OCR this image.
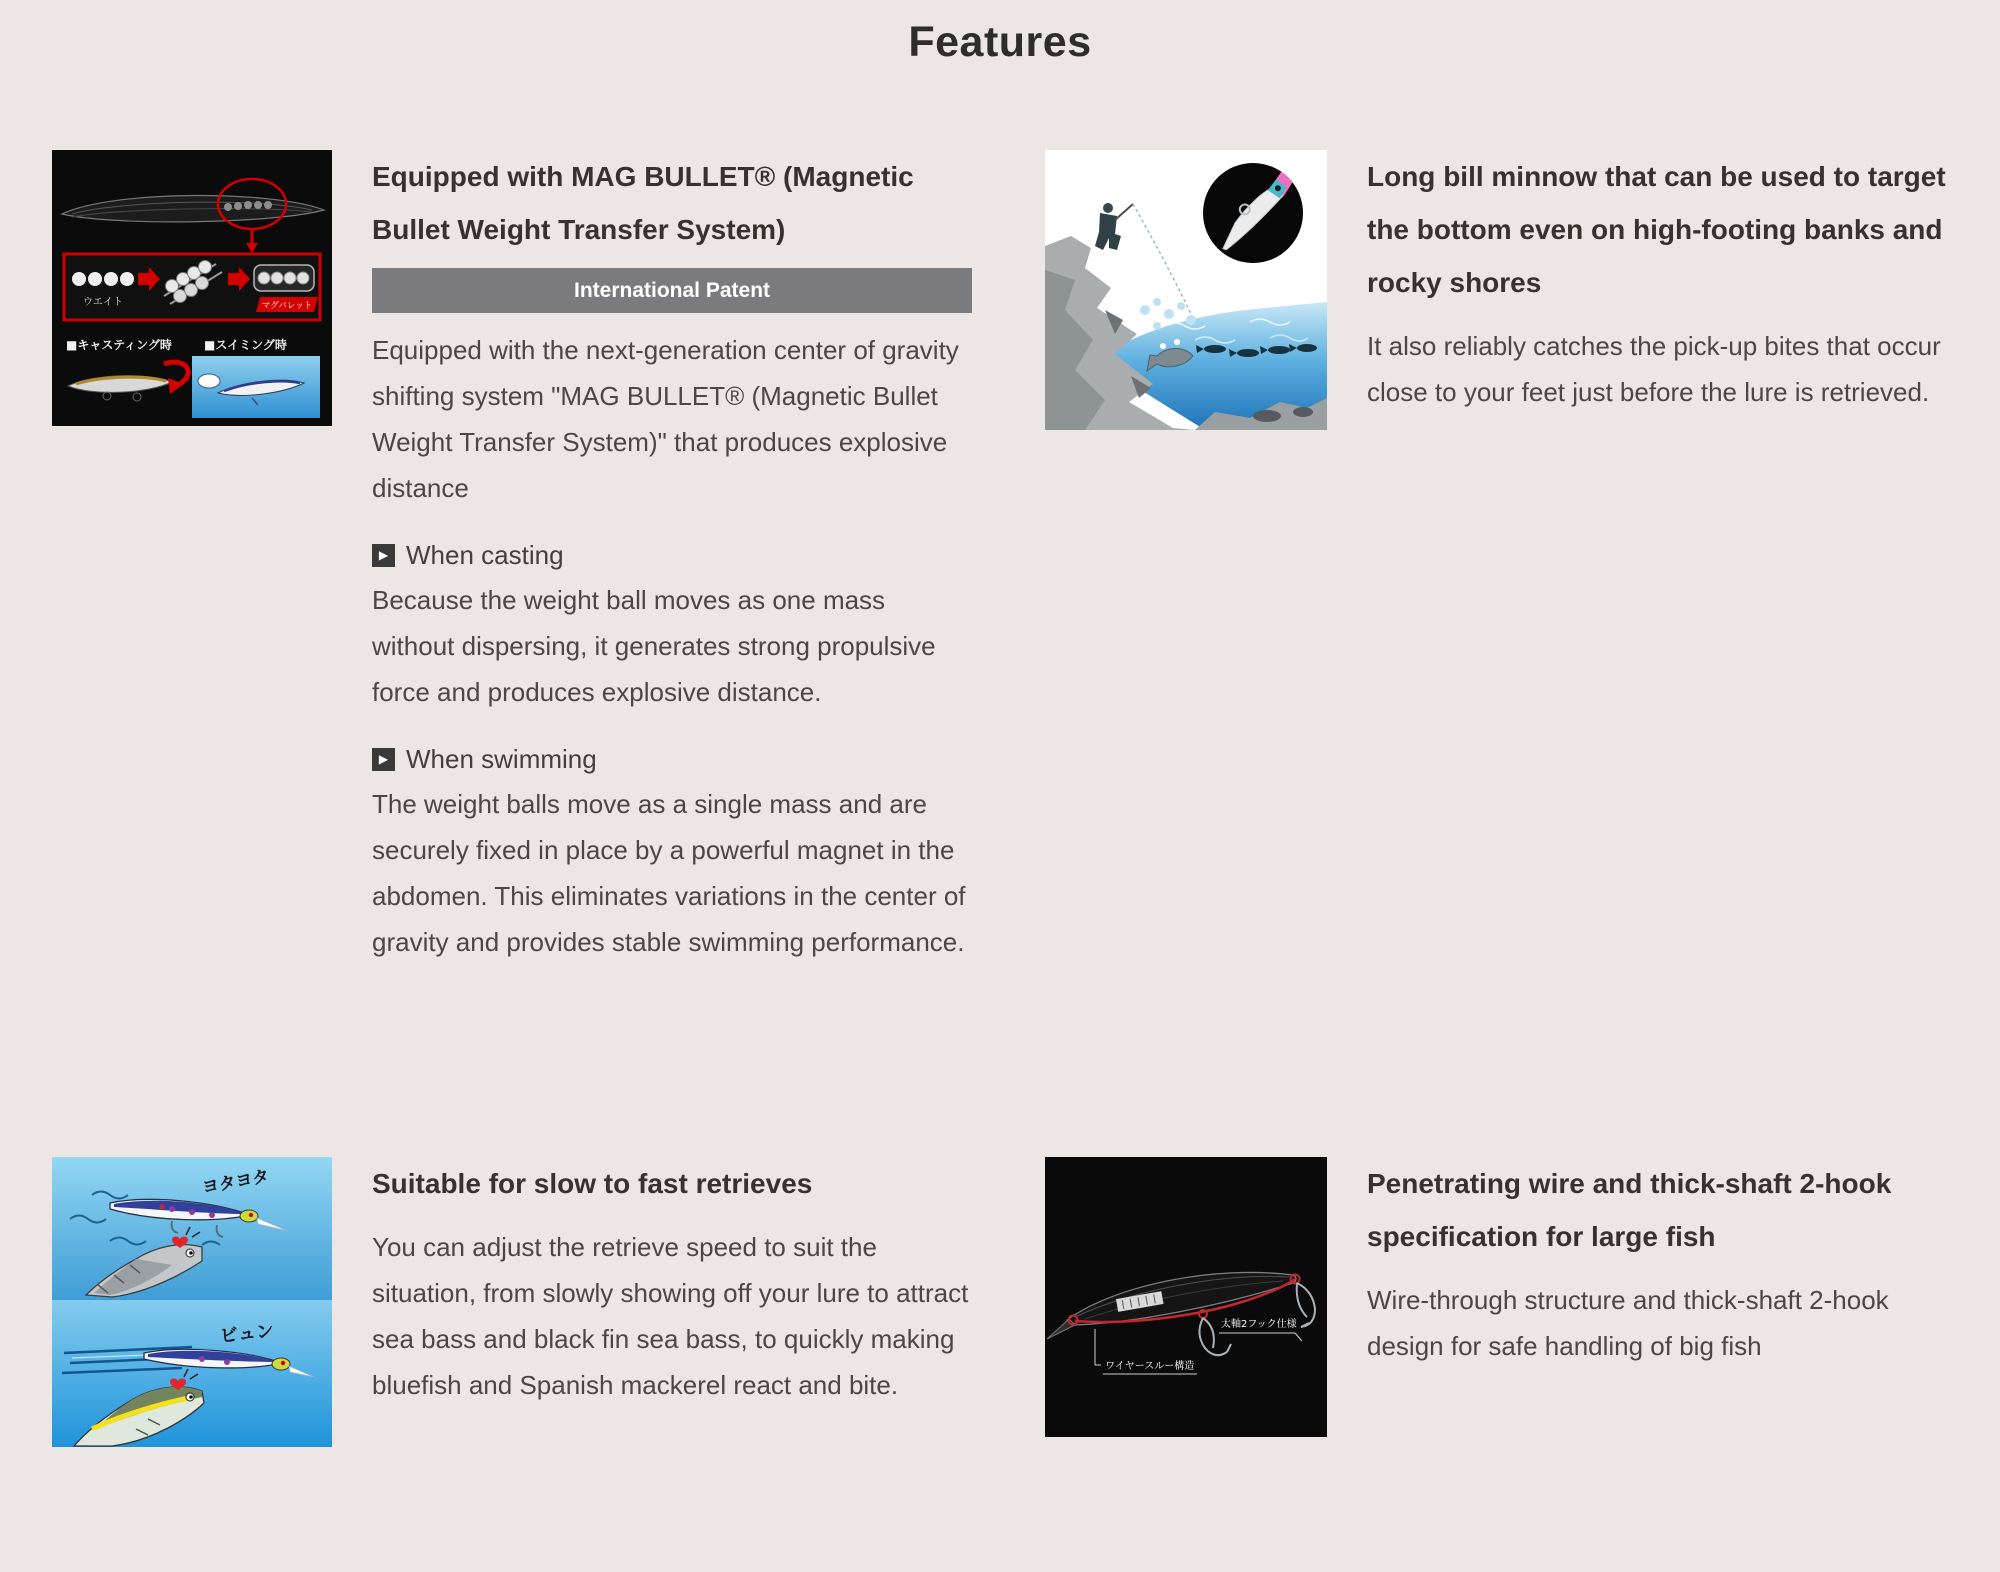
Features
ウエイト	マグバレット
■キャスティング時	■スイミング時
Equipped with MAG BULLET® (Magnetic Bullet Weight Transfer System)
International Patent

Equipped with the next-generation center of gravity shifting system "MAG BULLET® (Magnetic Bullet Weight Transfer System)" that produces explosive distance

▶ When casting

Because the weight ball moves as one mass without dispersing, it generates strong propulsive force and produces explosive distance.

▶ When swimming

The weight balls move as a single mass and are securely fixed in place by a powerful magnet in the abdomen. This eliminates variations in the center of gravity and provides stable swimming performance.

Long bill minnow that can be used to target the bottom even on high-footing banks and rocky shores

It also reliably catches the pick-up bites that occur close to your feet just before the lure is retrieved.

ヨタヨタ
ビュン
Suitable for slow to fast retrieves

You can adjust the retrieve speed to suit the situation, from slowly showing off your lure to attract sea bass and black fin sea bass, to quickly making bluefish and Spanish mackerel react and bite.

ワイヤースルー構造
太軸2フック仕様
Penetrating wire and thick-shaft 2-hook specification for large fish

Wire-through structure and thick-shaft 2-hook design for safe handling of big fish
